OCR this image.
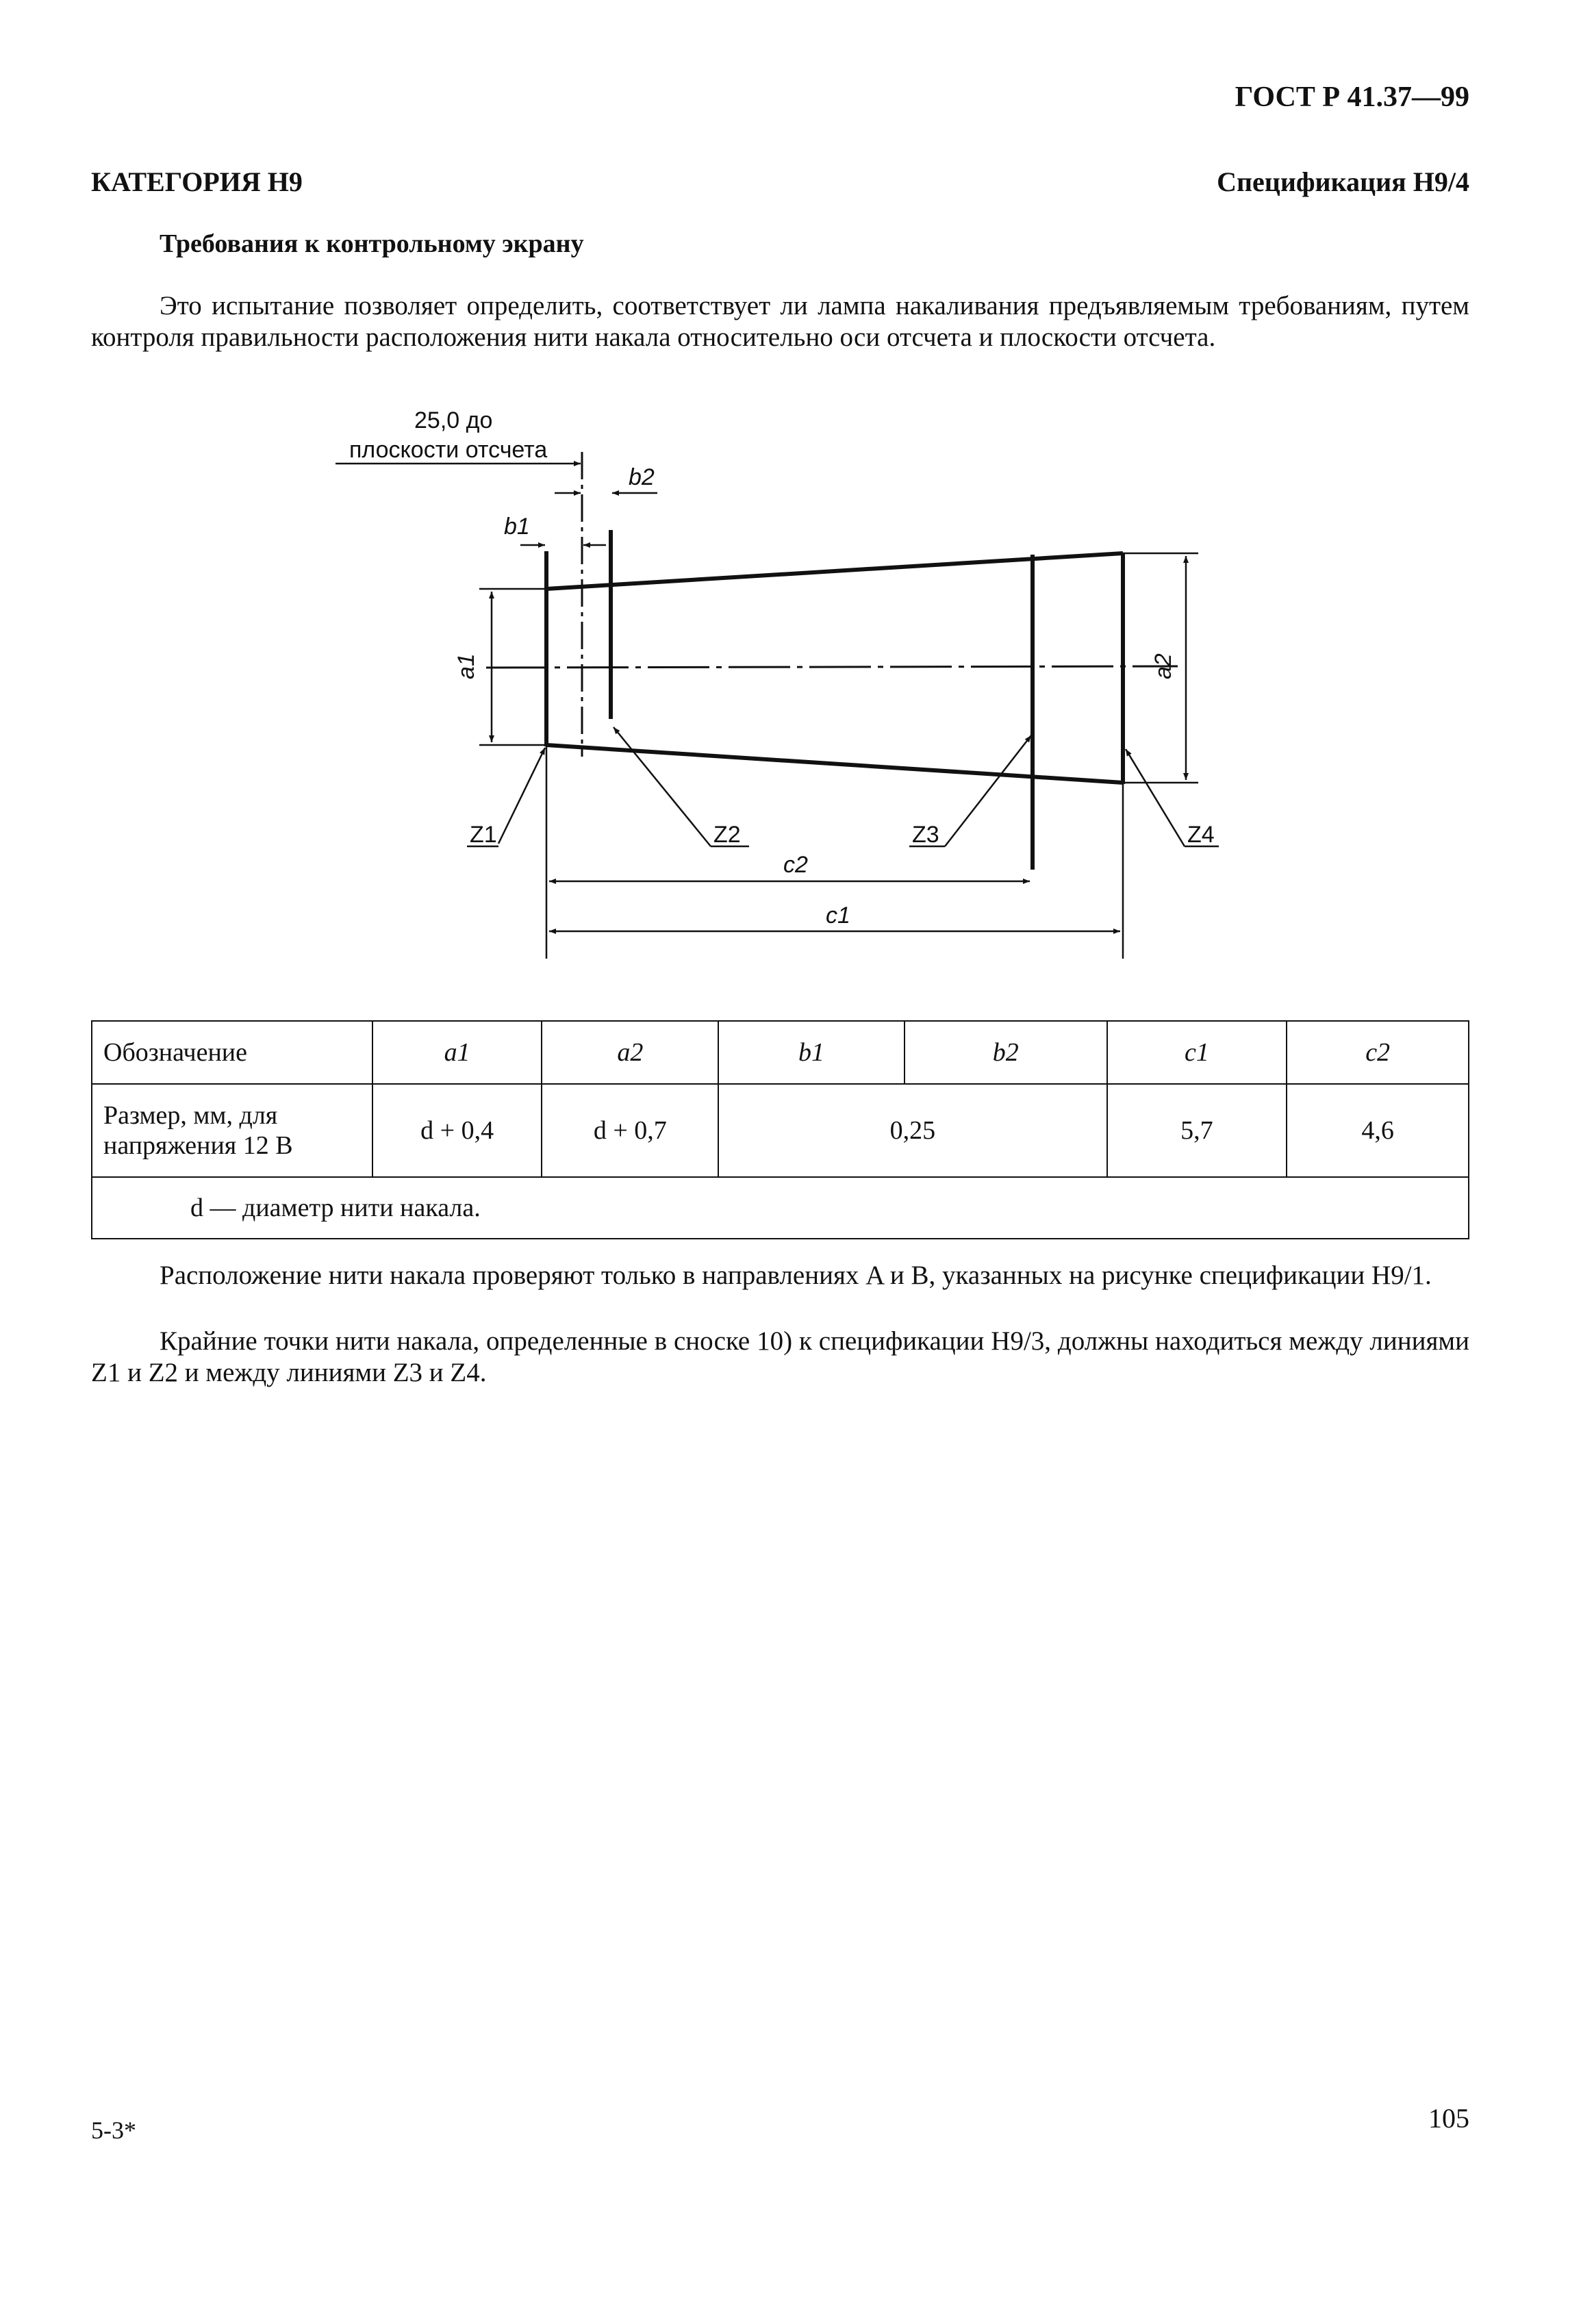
ГОСТ Р 41.37—99
КАТЕГОРИЯ Н9	Спецификация Н9/4
Требования к контрольному экрану
Это испытание позволяет определить, соответствует ли лампа накаливания предъявляемым требованиям, путем контроля правильности расположения нити накала относительно оси отсчета и плоскости отсчета.
25,0 до
плоскости отсчета
b2
b1
a1	a2
Z1	Z2	Z3	Z4
c2
c1
Обозначение	a1	a2	b1	b2	c1	c2
Размер, мм, для напряжения 12 В	d + 0,4	d + 0,7	0,25		5,7	4,6
d — диаметр нити накала.						
Расположение нити накала проверяют только в направлениях A и B, указанных на рисунке спецификации Н9/1.
Крайние точки нити накала, определенные в сноске 10) к спецификации Н9/3, должны находиться между линиями Z1 и Z2 и между линиями Z3 и Z4.
5-3*	105
